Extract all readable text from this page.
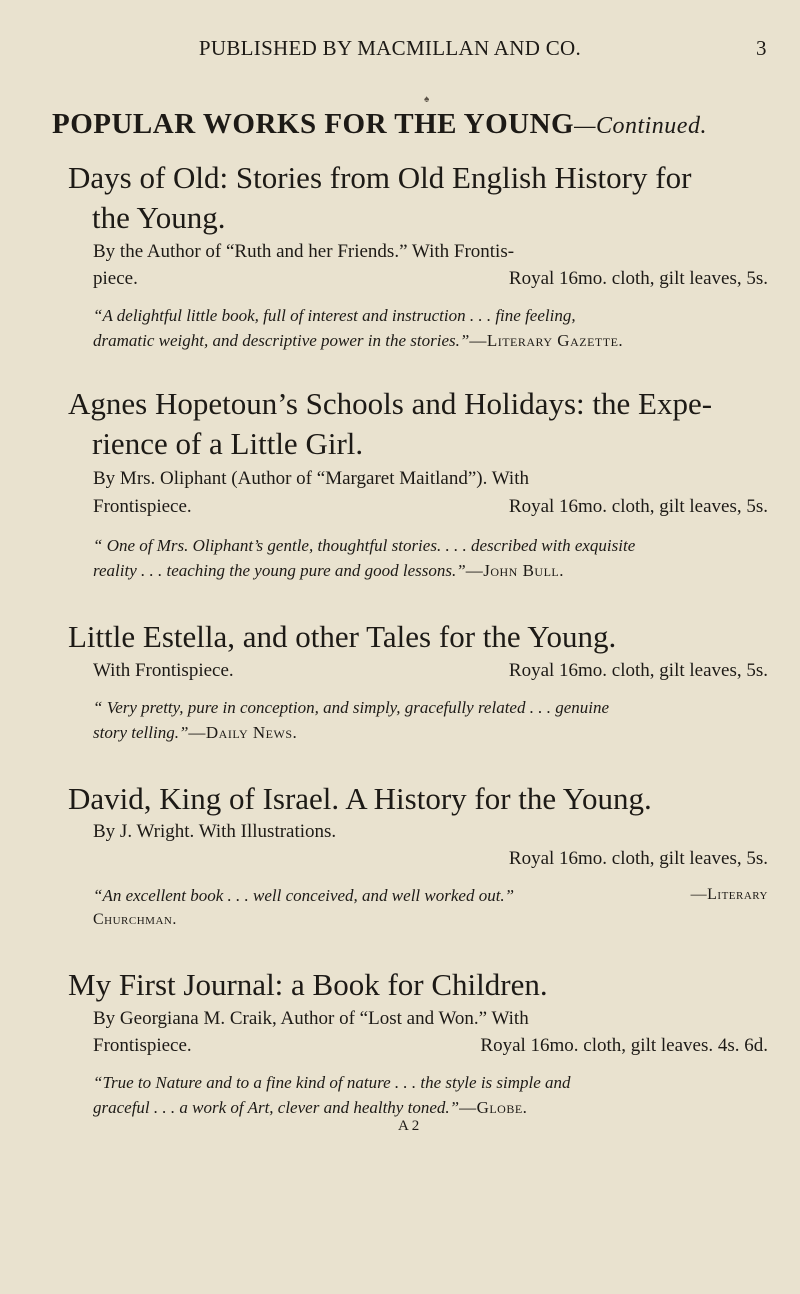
PUBLISHED BY MACMILLAN AND CO.	3
♠
POPULAR WORKS FOR THE YOUNG—Continued.
Days of Old: Stories from Old English History for
the Young.
By the Author of “Ruth and her Friends.” With Frontis-
piece.	Royal 16mo. cloth, gilt leaves, 5s.
“A delightful little book, full of interest and instruction . . . fine feeling,
dramatic weight, and descriptive power in the stories.”—Literary Gazette.
Agnes Hopetoun’s Schools and Holidays: the Expe-
rience of a Little Girl.
By Mrs. Oliphant (Author of “Margaret Maitland”). With
Frontispiece.	Royal 16mo. cloth, gilt leaves, 5s.
“ One of Mrs. Oliphant’s gentle, thoughtful stories. . . . described with exquisite
reality . . . teaching the young pure and good lessons.”—John Bull.
Little Estella, and other Tales for the Young.
With Frontispiece.	Royal 16mo. cloth, gilt leaves, 5s.
“ Very pretty, pure in conception, and simply, gracefully related . . . genuine
story telling.”—Daily News.
David, King of Israel. A History for the Young.
By J. Wright. With Illustrations.
Royal 16mo. cloth, gilt leaves, 5s.
“An excellent book . . . well conceived, and well worked out.”	—Literary
Churchman.
My First Journal: a Book for Children.
By Georgiana M. Craik, Author of “Lost and Won.” With
Frontispiece.	Royal 16mo. cloth, gilt leaves. 4s. 6d.
“True to Nature and to a fine kind of nature . . . the style is simple and
graceful . . . a work of Art, clever and healthy toned.”—Globe.
A 2
